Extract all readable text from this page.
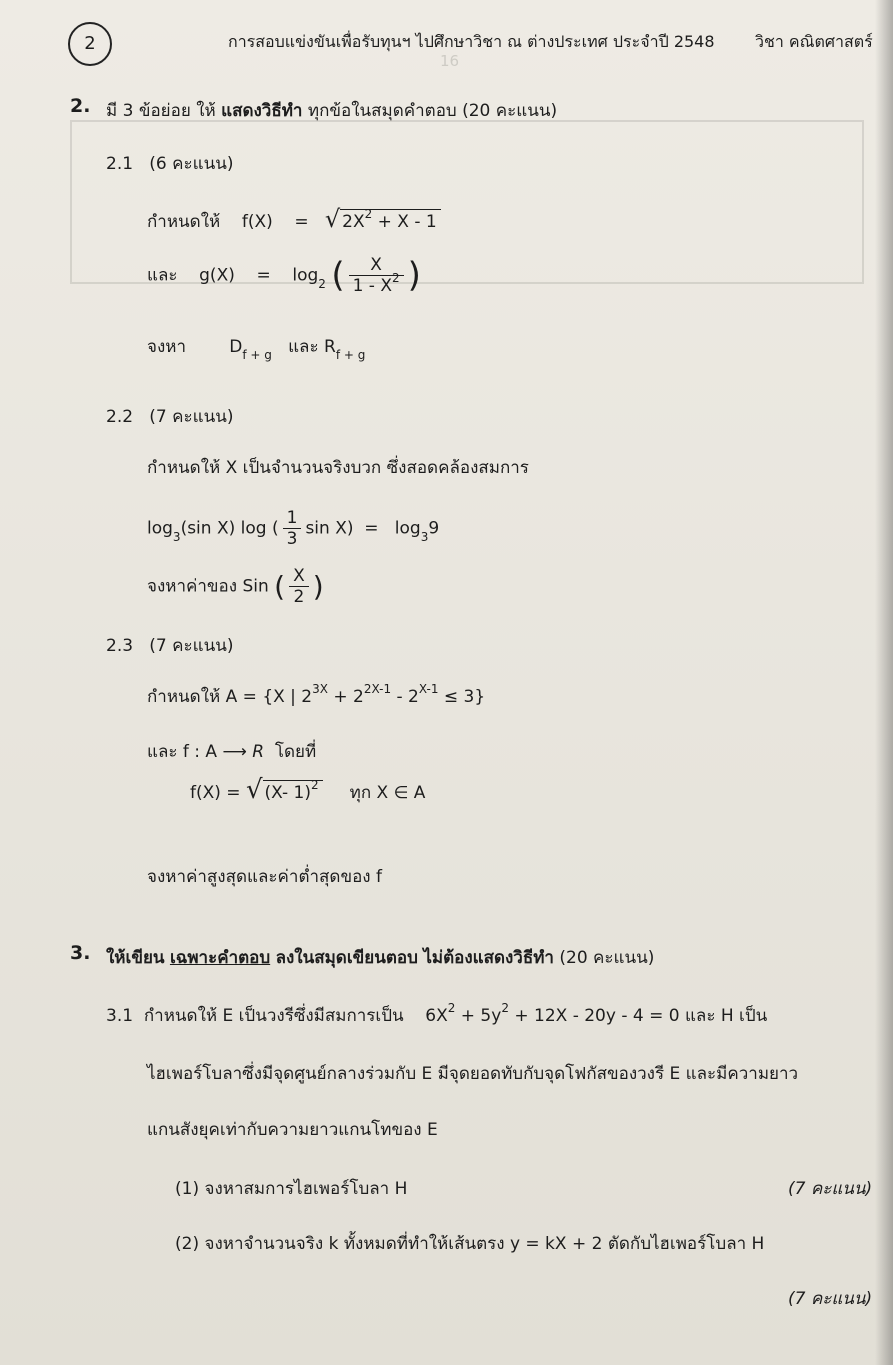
16
2	การสอบแข่งขันเพื่อรับทุนฯ ไปศึกษาวิชา ณ ต่างประเทศ ประจำปี 2548	วิชา คณิตศาสตร์
2. มี 3 ข้อย่อย ให้ แสดงวิธีทำ ทุกข้อในสมุดคำตอบ (20 คะแนน)
2.1 (6 คะแนน)
กำหนดให้ f(X) = √ $2X^2 + X - 1$
และ $g(X) = \log_2$ ( $\frac{X}{1 - X^2}$ )
จงหา	$D_{f + g}$ และ $R_{f + g}$
2.2 (7 คะแนน)
กำหนดให้ X เป็นจำนวนจริงบวก ซึ่งสอดคล้องสมการ
$\log_3(\sin$ X) log ( $\frac{1}{3}$ $\sin X) = \log_39$
จงหาค่าของ Sin ( $\frac{X}{2}$ )
2.3 (7 คะแนน)
กำหนดให้ A = {X | $2^{3X} + 2^{2X-1} - 2^{X-1} \le 3$}
และ f : A ⟶ R โดยที่
f(X) = √ (X- 1)$^2$ ทุก X ∈ A
จงหาค่าสูงสุดและค่าต่ำสุดของ f
3. ให้เขียน เฉพาะคำตอบ ลงในสมุดเขียนตอบ ไม่ต้องแสดงวิธีทำ (20 คะแนน)
3.1 กำหนดให้ E เป็นวงรีซึ่งมีสมการเป็น $6X^2 + 5y^2 + 12X - 20y - 4 = 0$ และ H เป็น
ไฮเพอร์โบลาซึ่งมีจุดศูนย์กลางร่วมกับ E มีจุดยอดทับกับจุดโฟกัสของวงรี E และมีความยาว
แกนสังยุคเท่ากับความยาวแกนโทของ E
(1) จงหาสมการไฮเพอร์โบลา H	(7 คะแนน)
(2) จงหาจำนวนจริง k ทั้งหมดที่ทำให้เส้นตรง y = kX + 2 ตัดกับไฮเพอร์โบลา H
(7 คะแนน)
